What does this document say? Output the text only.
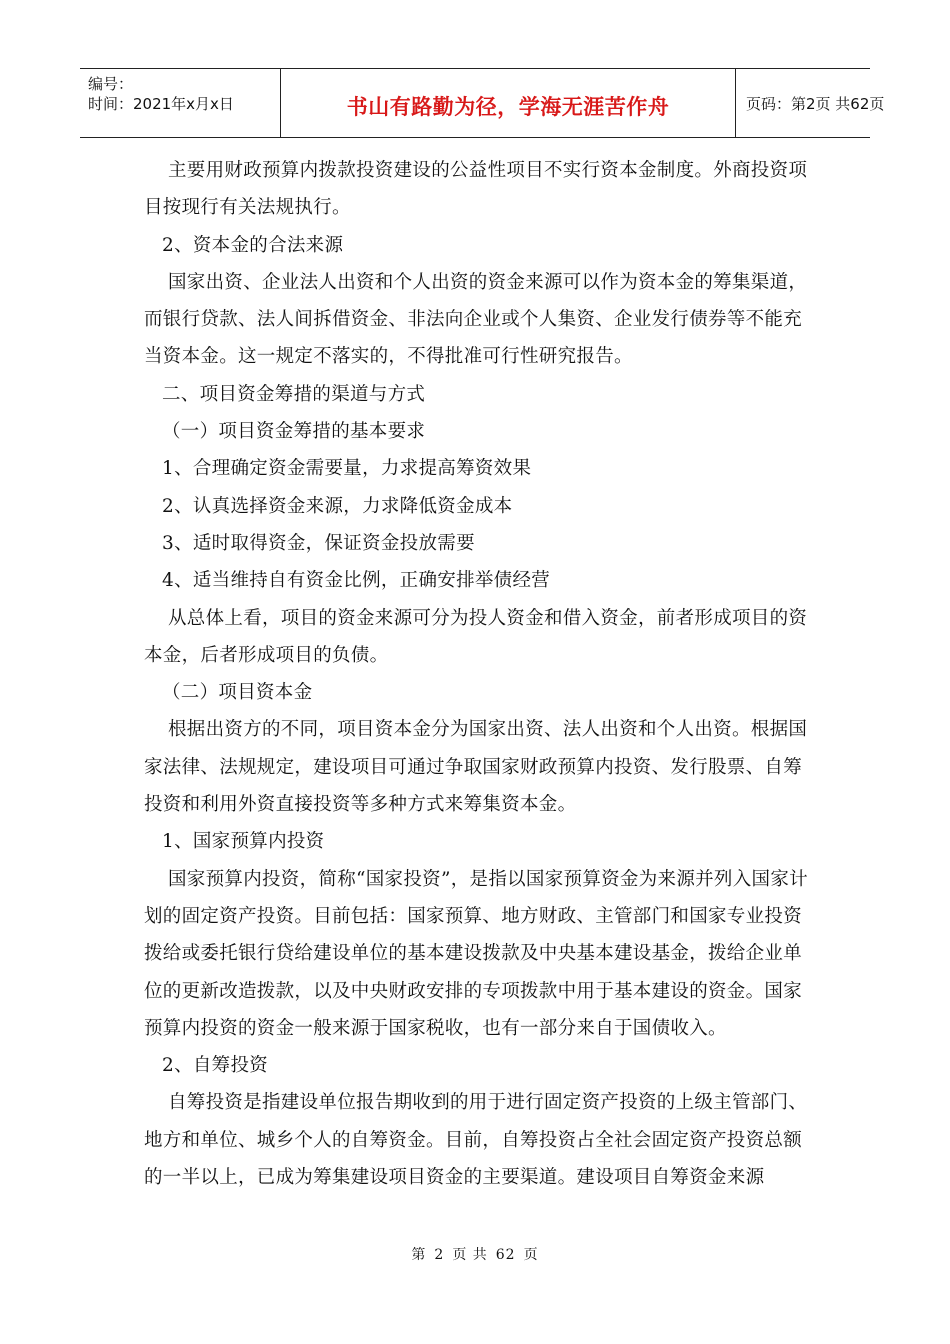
编号：
时间：2021年x月x日	书山有路勤为径，学海无涯苦作舟	页码：第2页 共62页

主要用财政预算内拨款投资建设的公益性项目不实行资本金制度。外商投资项目按现行有关法规执行。

2、资本金的合法来源

国家出资、企业法人出资和个人出资的资金来源可以作为资本金的筹集渠道，而银行贷款、法人间拆借资金、非法向企业或个人集资、企业发行债券等不能充当资本金。这一规定不落实的，不得批准可行性研究报告。

二、项目资金筹措的渠道与方式

（一）项目资金筹措的基本要求

1、合理确定资金需要量，力求提高筹资效果

2、认真选择资金来源，力求降低资金成本

3、适时取得资金，保证资金投放需要

4、适当维持自有资金比例，正确安排举债经营

从总体上看，项目的资金来源可分为投人资金和借入资金，前者形成项目的资本金，后者形成项目的负债。

（二）项目资本金

根据出资方的不同，项目资本金分为国家出资、法人出资和个人出资。根据国家法律、法规规定，建设项目可通过争取国家财政预算内投资、发行股票、自筹投资和利用外资直接投资等多种方式来筹集资本金。

1、国家预算内投资

国家预算内投资，简称“国家投资”，是指以国家预算资金为来源并列入国家计划的固定资产投资。目前包括：国家预算、地方财政、主管部门和国家专业投资拨给或委托银行贷给建设单位的基本建设拨款及中央基本建设基金，拨给企业单位的更新改造拨款，以及中央财政安排的专项拨款中用于基本建设的资金。国家预算内投资的资金一般来源于国家税收，也有一部分来自于国债收入。

2、自筹投资

自筹投资是指建设单位报告期收到的用于进行固定资产投资的上级主管部门、地方和单位、城乡个人的自筹资金。目前，自筹投资占全社会固定资产投资总额的一半以上，已成为筹集建设项目资金的主要渠道。建设项目自筹资金来源

第 2 页 共 62 页
